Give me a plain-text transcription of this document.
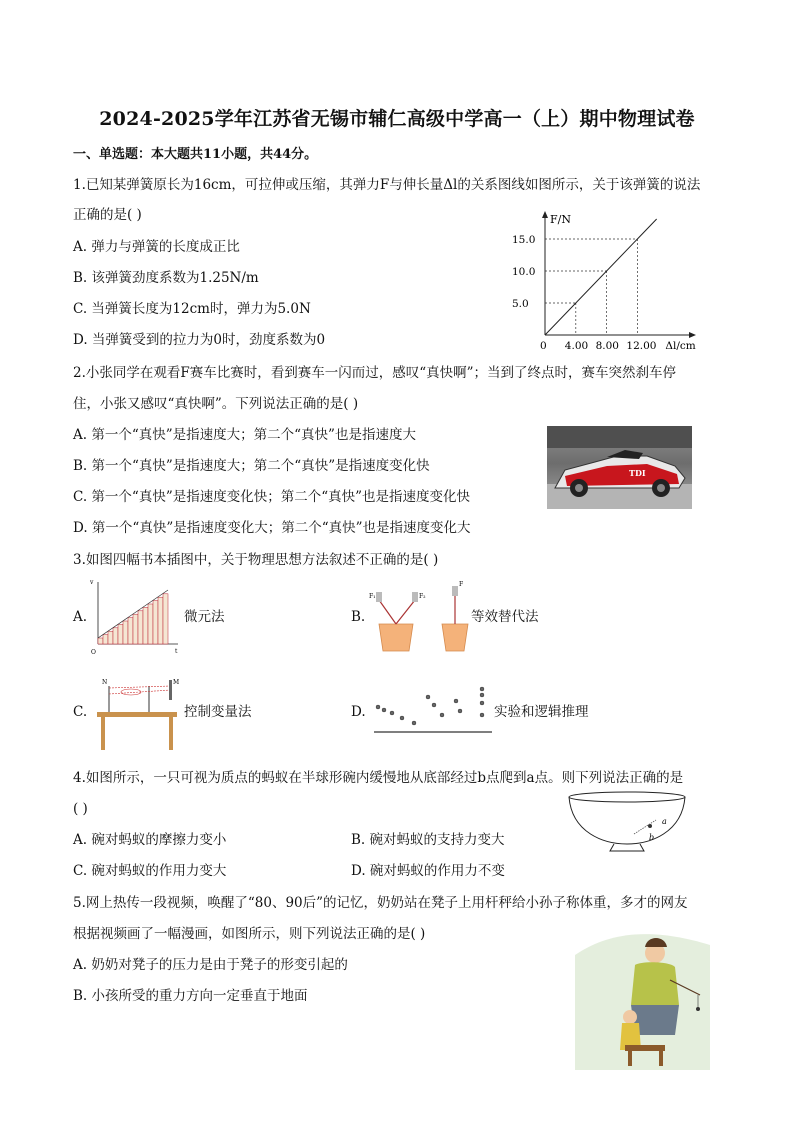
2024-2025学年江苏省无锡市辅仁高级中学高一（上）期中物理试卷
一、单选题：本大题共11小题，共44分。
1.已知某弹簧原长为16cm，可拉伸或压缩，其弹力F与伸长量Δl的关系图线如图所示，关于该弹簧的说法
正确的是( )
A. 弹力与弹簧的长度成正比
B. 该弹簧劲度系数为1.25N/m
C. 当弹簧长度为12cm时，弹力为5.0N
D. 当弹簧受到的拉力为0时，劲度系数为0
F/N
4.00 8.00 12.00
5.0
10.0
15.0
0	Δl/cm
2.小张同学在观看F赛车比赛时，看到赛车一闪而过，感叹“真快啊”；当到了终点时，赛车突然刹车停
住，小张又感叹“真快啊”。下列说法正确的是( )
A. 第一个“真快”是指速度大；第二个“真快”也是指速度大
B. 第一个“真快”是指速度大；第二个“真快”是指速度变化快
C. 第一个“真快”是指速度变化快；第二个“真快”也是指速度变化快
D. 第一个“真快”是指速度变化大；第二个“真快”也是指速度变化大
TDI
3.如图四幅书本插图中，关于物理思想方法叙述不正确的是( )
A.	微元法	B.	等效替代法
C.	控制变量法	D.	实验和逻辑推理
v
O	t
F₁	F₂
F
N	M
4.如图所示，一只可视为质点的蚂蚁在半球形碗内缓慢地从底部经过b点爬到a点。则下列说法正确的是
( )
A. 碗对蚂蚁的摩擦力变小	B. 碗对蚂蚁的支持力变大
C. 碗对蚂蚁的作用力变大	D. 碗对蚂蚁的作用力不变
a
b
5.网上热传一段视频，唤醒了“80、90后”的记忆，奶奶站在凳子上用杆秤给小孙子称体重，多才的网友
根据视频画了一幅漫画，如图所示，则下列说法正确的是( )
A. 奶奶对凳子的压力是由于凳子的形变引起的
B. 小孩所受的重力方向一定垂直于地面
